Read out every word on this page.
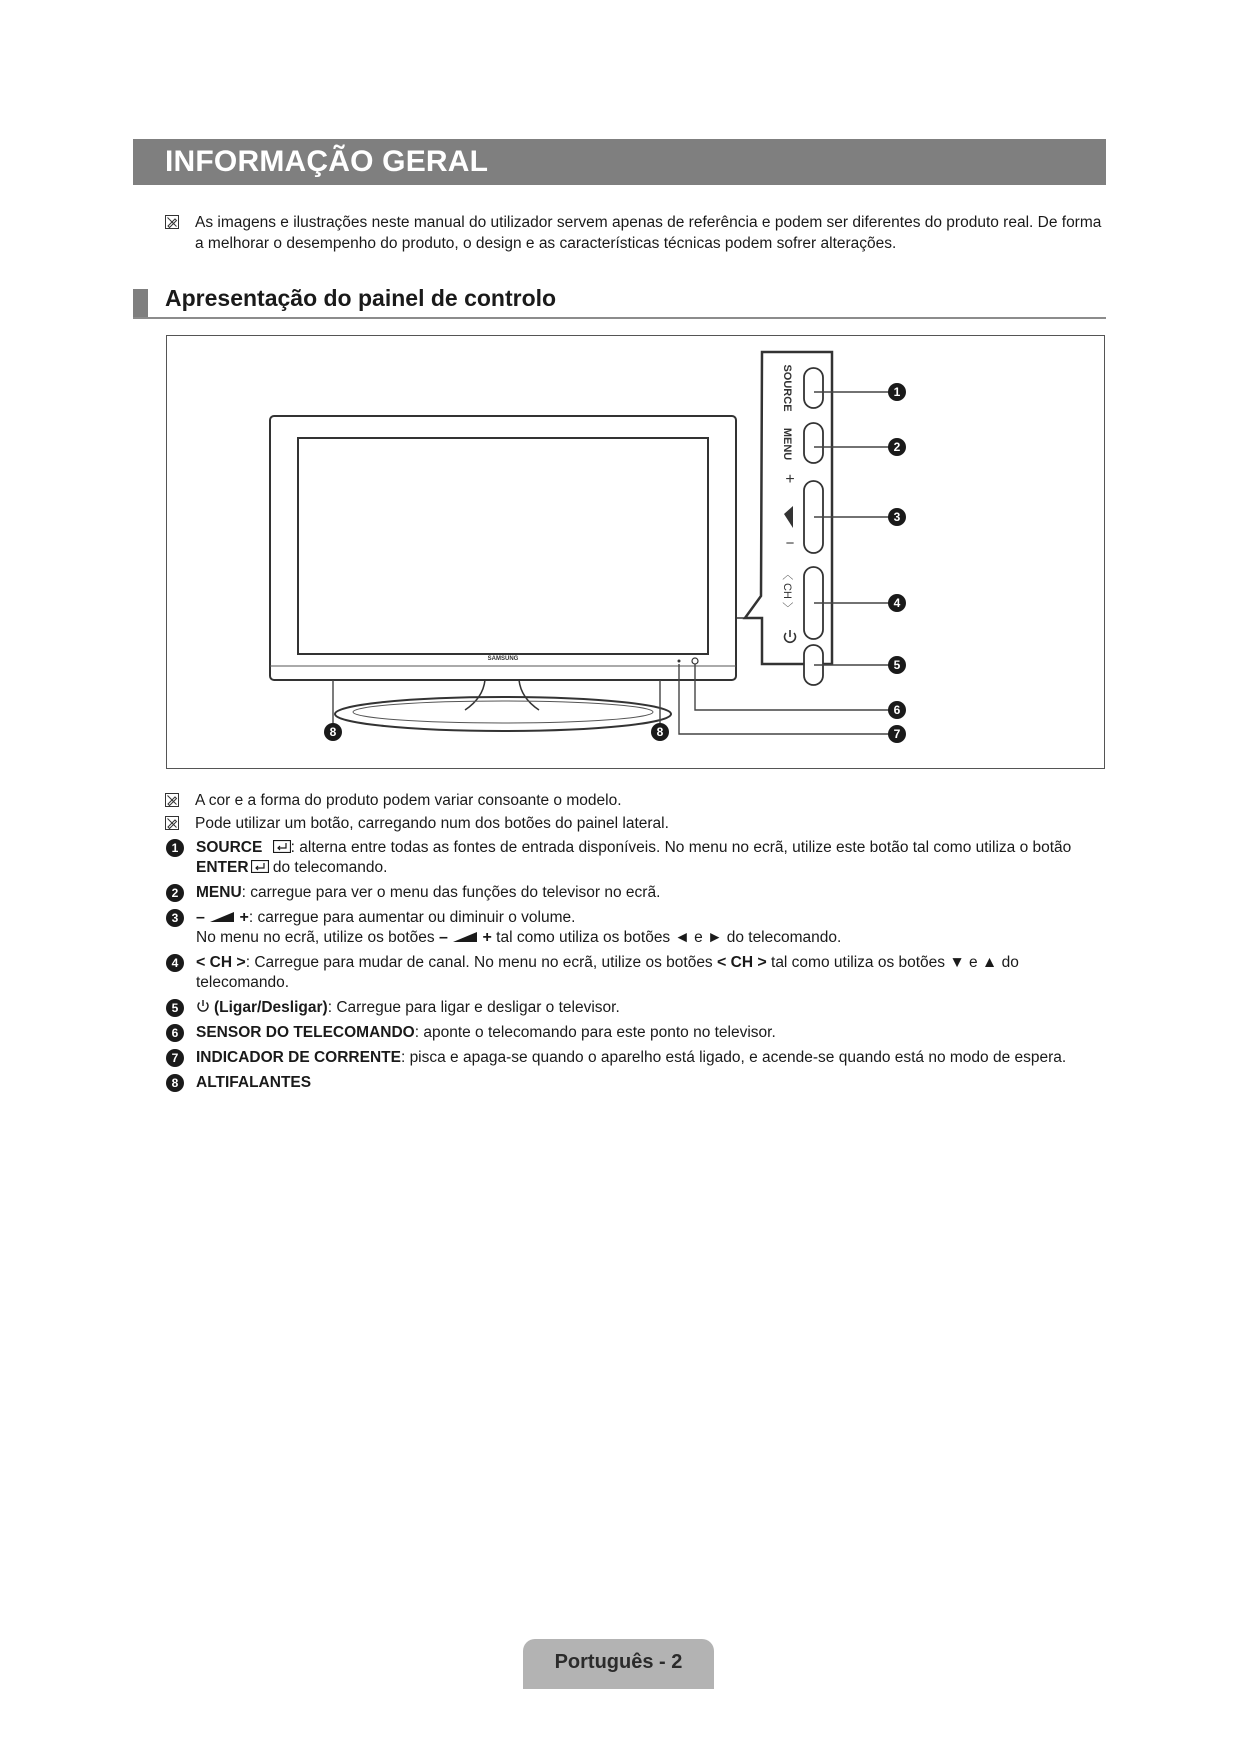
INFORMAÇÃO GERAL
As imagens e ilustrações neste manual do utilizador servem apenas de referência e podem ser diferentes do produto real. De forma a melhorar o desempenho do produto, o design e as características técnicas podem sofrer alterações.
Apresentação do painel de controlo
SAMSUNG
SOURCE
MENU
+
−
〈 CH 〉
1
2
3
4
5
6
7
8	8
A cor e a forma do produto podem variar consoante o modelo.
Pode utilizar um botão, carregando num dos botões do painel lateral.
1	SOURCE : alterna entre todas as fontes de entrada disponíveis. No menu no ecrã, utilize este botão tal como utiliza o botão ENTER do telecomando.
2	MENU: carregue para ver o menu das funções do televisor no ecrã.
3	– +: carregue para aumentar ou diminuir o volume.
No menu no ecrã, utilize os botões – + tal como utiliza os botões ◄ e ► do telecomando.
4	< CH >: Carregue para mudar de canal. No menu no ecrã, utilize os botões < CH > tal como utiliza os botões ▼ e ▲ do telecomando.
5	(Ligar/Desligar): Carregue para ligar e desligar o televisor.
6	SENSOR DO TELECOMANDO: aponte o telecomando para este ponto no televisor.
7	INDICADOR DE CORRENTE: pisca e apaga-se quando o aparelho está ligado, e acende-se quando está no modo de espera.
8	ALTIFALANTES
Português - 2
